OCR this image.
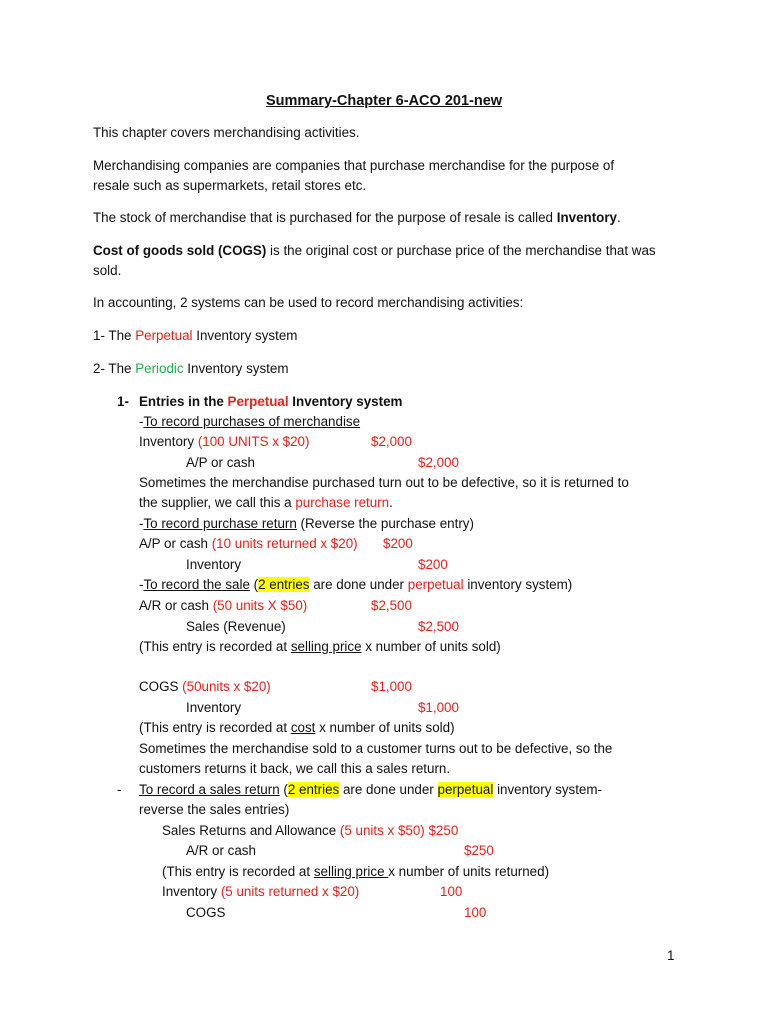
Summary-Chapter 6-ACO 201-new
This chapter covers merchandising activities.
Merchandising companies are companies that purchase merchandise for the purpose of
resale such as supermarkets, retail stores etc.
The stock of merchandise that is purchased for the purpose of resale is called Inventory.
Cost of goods sold (COGS) is the original cost or purchase price of the merchandise that was
sold.
In accounting, 2 systems can be used to record merchandising activities:
1- The Perpetual Inventory system
2- The Periodic Inventory system
1- Entries in the Perpetual Inventory system
-To record purchases of merchandise
Inventory (100 UNITS x $20)	$2,000
A/P or cash	$2,000
Sometimes the merchandise purchased turn out to be defective, so it is returned to
the supplier, we call this a purchase return.
-To record purchase return (Reverse the purchase entry)
A/P or cash (10 units returned x $20) $200
Inventory	$200
-To record the sale (2 entries are done under perpetual inventory system)
A/R or cash (50 units X $50)	$2,500
Sales (Revenue)	$2,500
(This entry is recorded at selling price x number of units sold)
COGS (50units x $20)	$1,000
Inventory	$1,000
(This entry is recorded at cost x number of units sold)
Sometimes the merchandise sold to a customer turns out to be defective, so the
customers returns it back, we call this a sales return.
- To record a sales return (2 entries are done under perpetual inventory system-
reverse the sales entries)
Sales Returns and Allowance (5 units x $50) $250
A/R or cash	$250
(This entry is recorded at selling price x number of units returned)
Inventory (5 units returned x $20)	100
COGS	100
1
